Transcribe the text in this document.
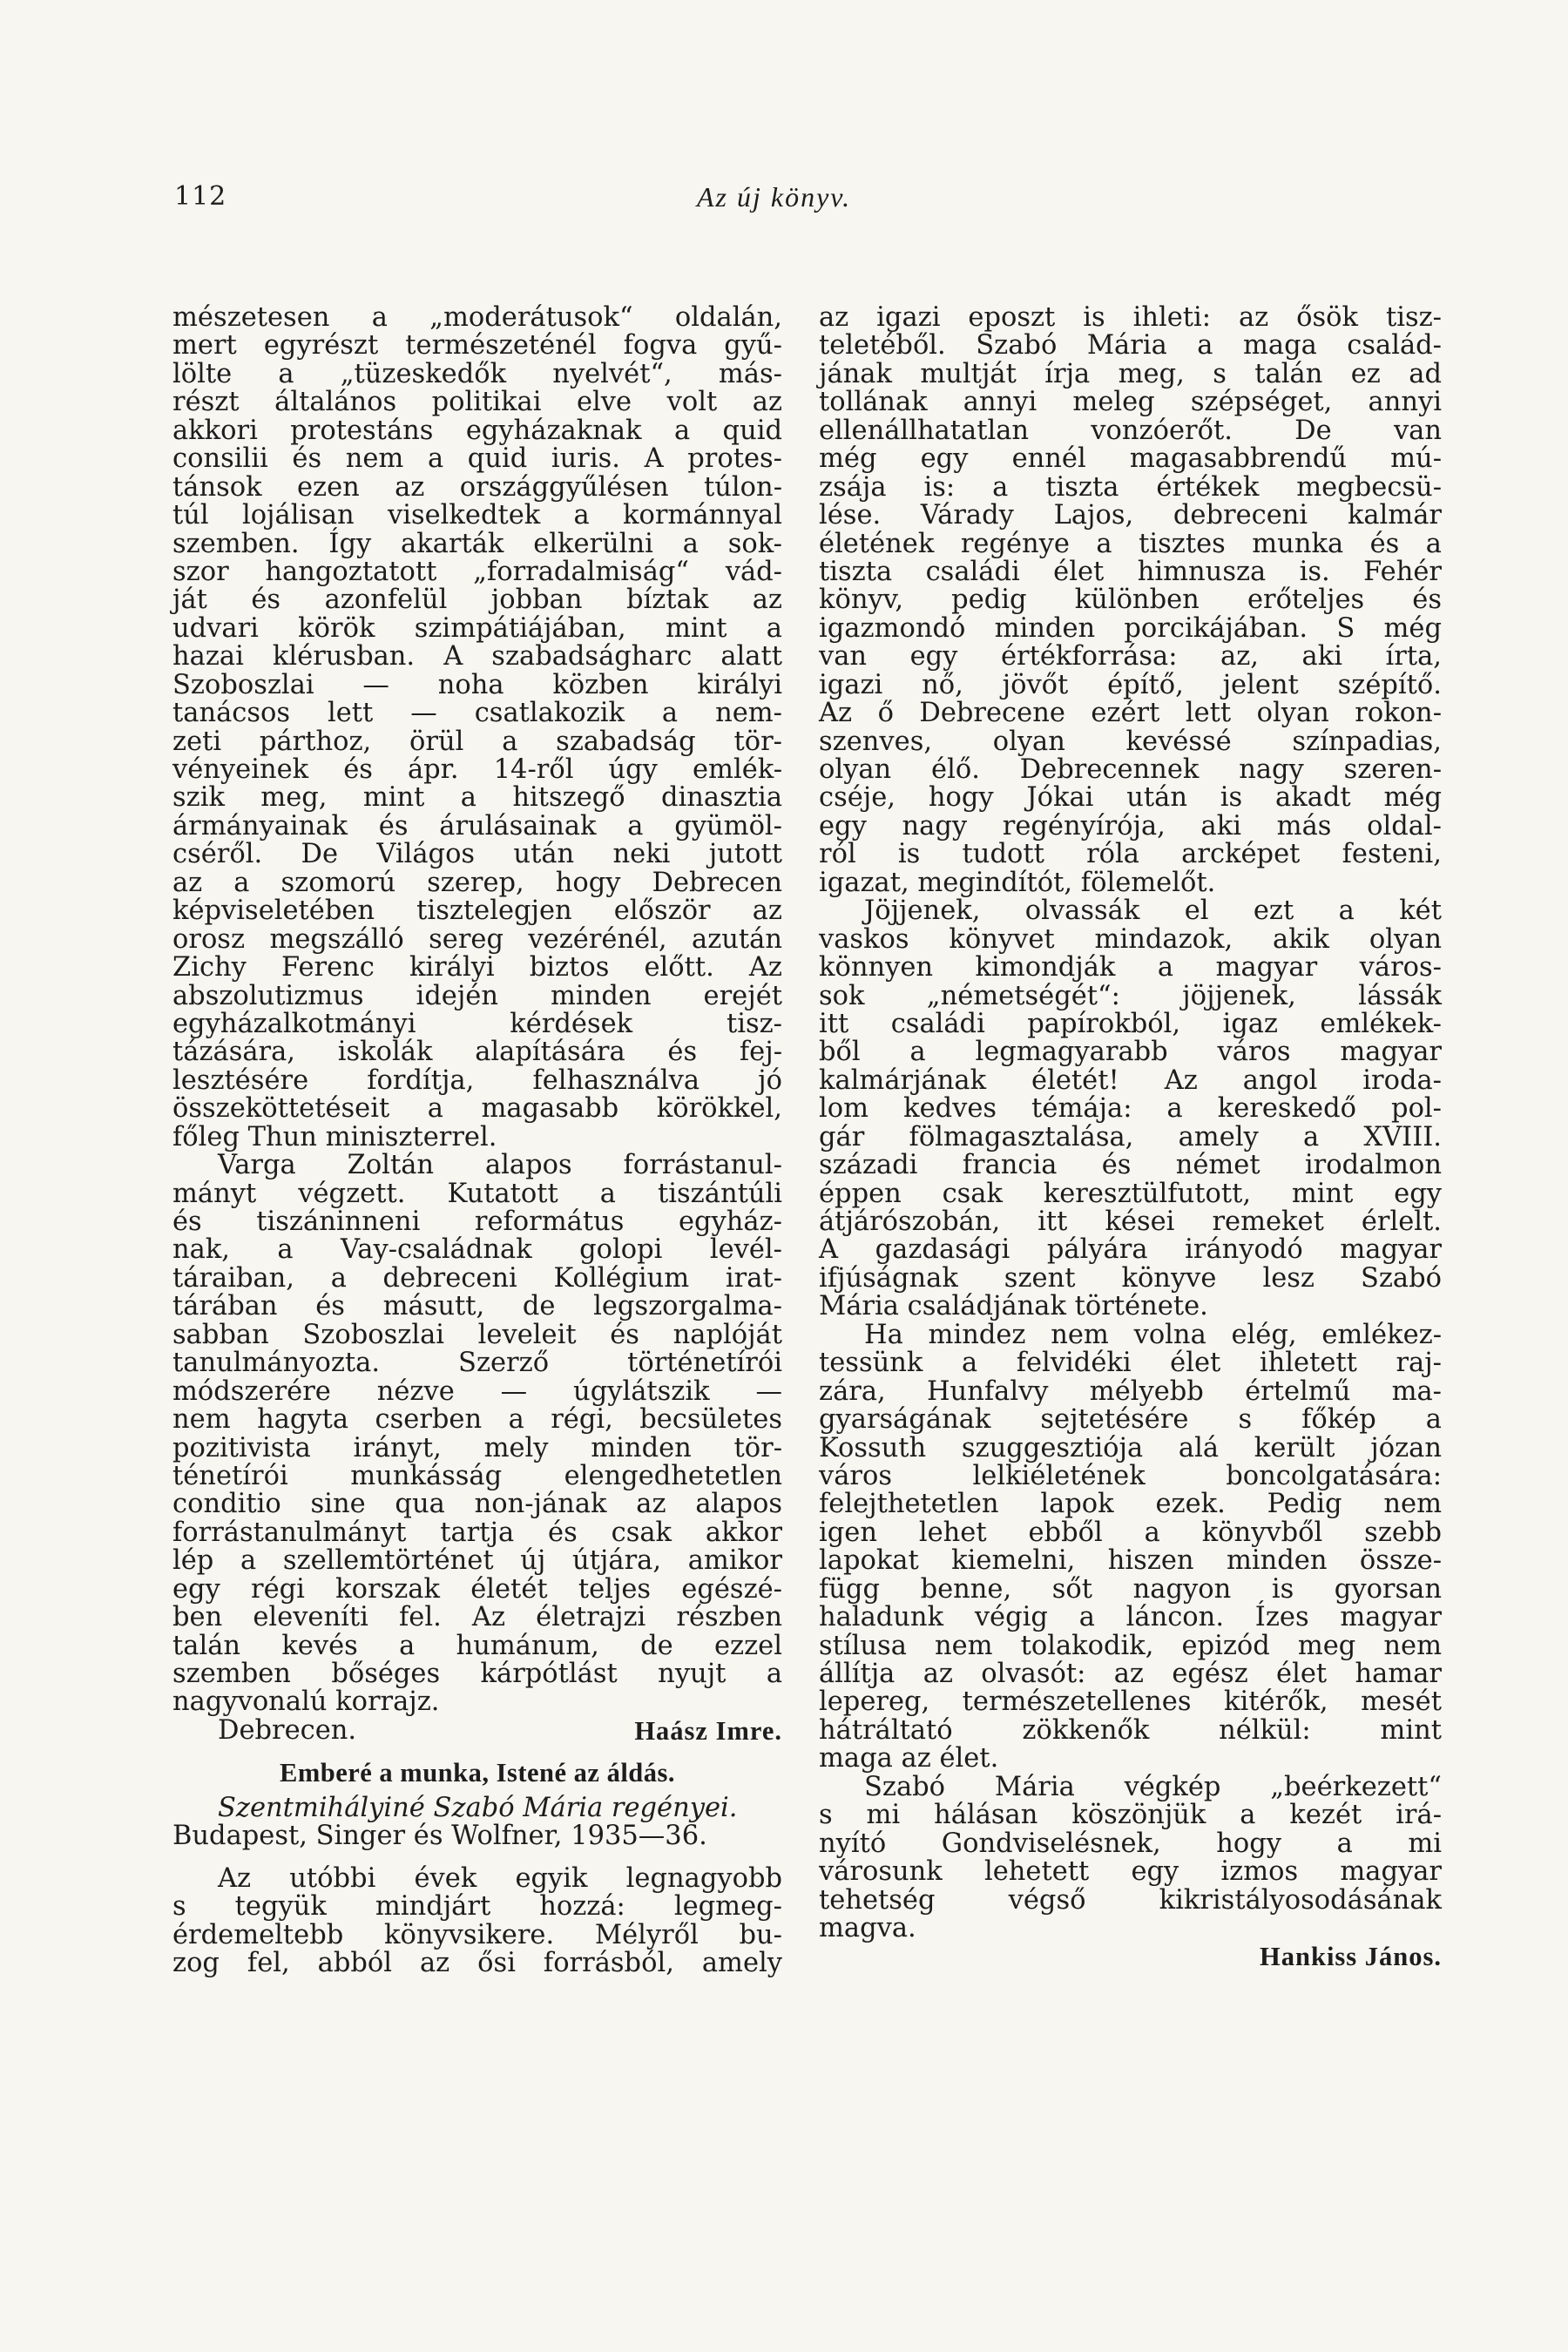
112	Az új könyv.
mészetesen a „moderátusok“ oldalán,
mert egyrészt természeténél fogva gyű-
lölte a „tüzeskedők nyelvét“, más-
részt általános politikai elve volt az
akkori protestáns egyházaknak a quid
consilii és nem a quid iuris. A protes-
tánsok ezen az országgyűlésen túlon-
túl lojálisan viselkedtek a kormánnyal
szemben. Így akarták elkerülni a sok-
szor hangoztatott „forradalmiság“ vád-
ját és azonfelül jobban bíztak az
udvari körök szimpátiájában, mint a
hazai klérusban. A szabadságharc alatt
Szoboszlai — noha közben királyi
tanácsos lett — csatlakozik a nem-
zeti párthoz, örül a szabadság tör-
vényeinek és ápr. 14-ről úgy emlék-
szik meg, mint a hitszegő dinasztia
ármányainak és árulásainak a gyümöl-
cséről. De Világos után neki jutott
az a szomorú szerep, hogy Debrecen
képviseletében tisztelegjen először az
orosz megszálló sereg vezérénél, azután
Zichy Ferenc királyi biztos előtt. Az
abszolutizmus idején minden erejét
egyházalkotmányi kérdések tisz-
tázására, iskolák alapítására és fej-
lesztésére fordítja, felhasználva jó
összeköttetéseit a magasabb körökkel,
főleg Thun miniszterrel.
Varga Zoltán alapos forrástanul-
mányt végzett. Kutatott a tiszántúli
és tiszáninneni református egyház-
nak, a Vay-családnak golopi levél-
táraiban, a debreceni Kollégium irat-
tárában és másutt, de legszorgalma-
sabban Szoboszlai leveleit és naplóját
tanulmányozta. Szerző történetírói
módszerére nézve — úgylátszik —
nem hagyta cserben a régi, becsületes
pozitivista irányt, mely minden tör-
ténetírói munkásság elengedhetetlen
conditio sine qua non-jának az alapos
forrástanulmányt tartja és csak akkor
lép a szellemtörténet új útjára, amikor
egy régi korszak életét teljes egészé-
ben eleveníti fel. Az életrajzi részben
talán kevés a humánum, de ezzel
szemben bőséges kárpótlást nyujt a
nagyvonalú korrajz.
Debrecen.	Haász Imre.
Emberé a munka, Istené az áldás.
Szentmihályiné Szabó Mária regényei.
Budapest, Singer és Wolfner, 1935—36.
Az utóbbi évek egyik legnagyobb
s tegyük mindjárt hozzá: legmeg-
érdemeltebb könyvsikere. Mélyről bu-
zog fel, abból az ősi forrásból, amely
az igazi eposzt is ihleti: az ősök tisz-
teletéből. Szabó Mária a maga család-
jának multját írja meg, s talán ez ad
tollának annyi meleg szépséget, annyi
ellenállhatatlan vonzóerőt. De van
még egy ennél magasabbrendű mú-
zsája is: a tiszta értékek megbecsü-
lése. Várady Lajos, debreceni kalmár
életének regénye a tisztes munka és a
tiszta családi élet himnusza is. Fehér
könyv, pedig különben erőteljes és
igazmondó minden porcikájában. S még
van egy értékforrása: az, aki írta,
igazi nő, jövőt építő, jelent szépítő.
Az ő Debrecene ezért lett olyan rokon-
szenves, olyan kevéssé színpadias,
olyan élő. Debrecennek nagy szeren-
cséje, hogy Jókai után is akadt még
egy nagy regényírója, aki más oldal-
ról is tudott róla arcképet festeni,
igazat, megindítót, fölemelőt.
Jöjjenek, olvassák el ezt a két
vaskos könyvet mindazok, akik olyan
könnyen kimondják a magyar város-
sok „németségét“: jöjjenek, lássák
itt családi papírokból, igaz emlékek-
ből a legmagyarabb város magyar
kalmárjának életét! Az angol iroda-
lom kedves témája: a kereskedő pol-
gár fölmagasztalása, amely a XVIII.
századi francia és német irodalmon
éppen csak keresztülfutott, mint egy
átjárószobán, itt kései remeket érlelt.
A gazdasági pályára irányodó magyar
ifjúságnak szent könyve lesz Szabó
Mária családjának története.
Ha mindez nem volna elég, emlékez-
tessünk a felvidéki élet ihletett raj-
zára, Hunfalvy mélyebb értelmű ma-
gyarságának sejtetésére s főkép a
Kossuth szuggesztiója alá került józan
város lelkiéletének boncolgatására:
felejthetetlen lapok ezek. Pedig nem
igen lehet ebből a könyvből szebb
lapokat kiemelni, hiszen minden össze-
függ benne, sőt nagyon is gyorsan
haladunk végig a láncon. Ízes magyar
stílusa nem tolakodik, epizód meg nem
állítja az olvasót: az egész élet hamar
lepereg, természetellenes kitérők, mesét
hátráltató zökkenők nélkül: mint
maga az élet.
Szabó Mária végkép „beérkezett“
s mi hálásan köszönjük a kezét irá-
nyító Gondviselésnek, hogy a mi
városunk lehetett egy izmos magyar
tehetség végső kikristályosodásának
magva.
Hankiss János.
